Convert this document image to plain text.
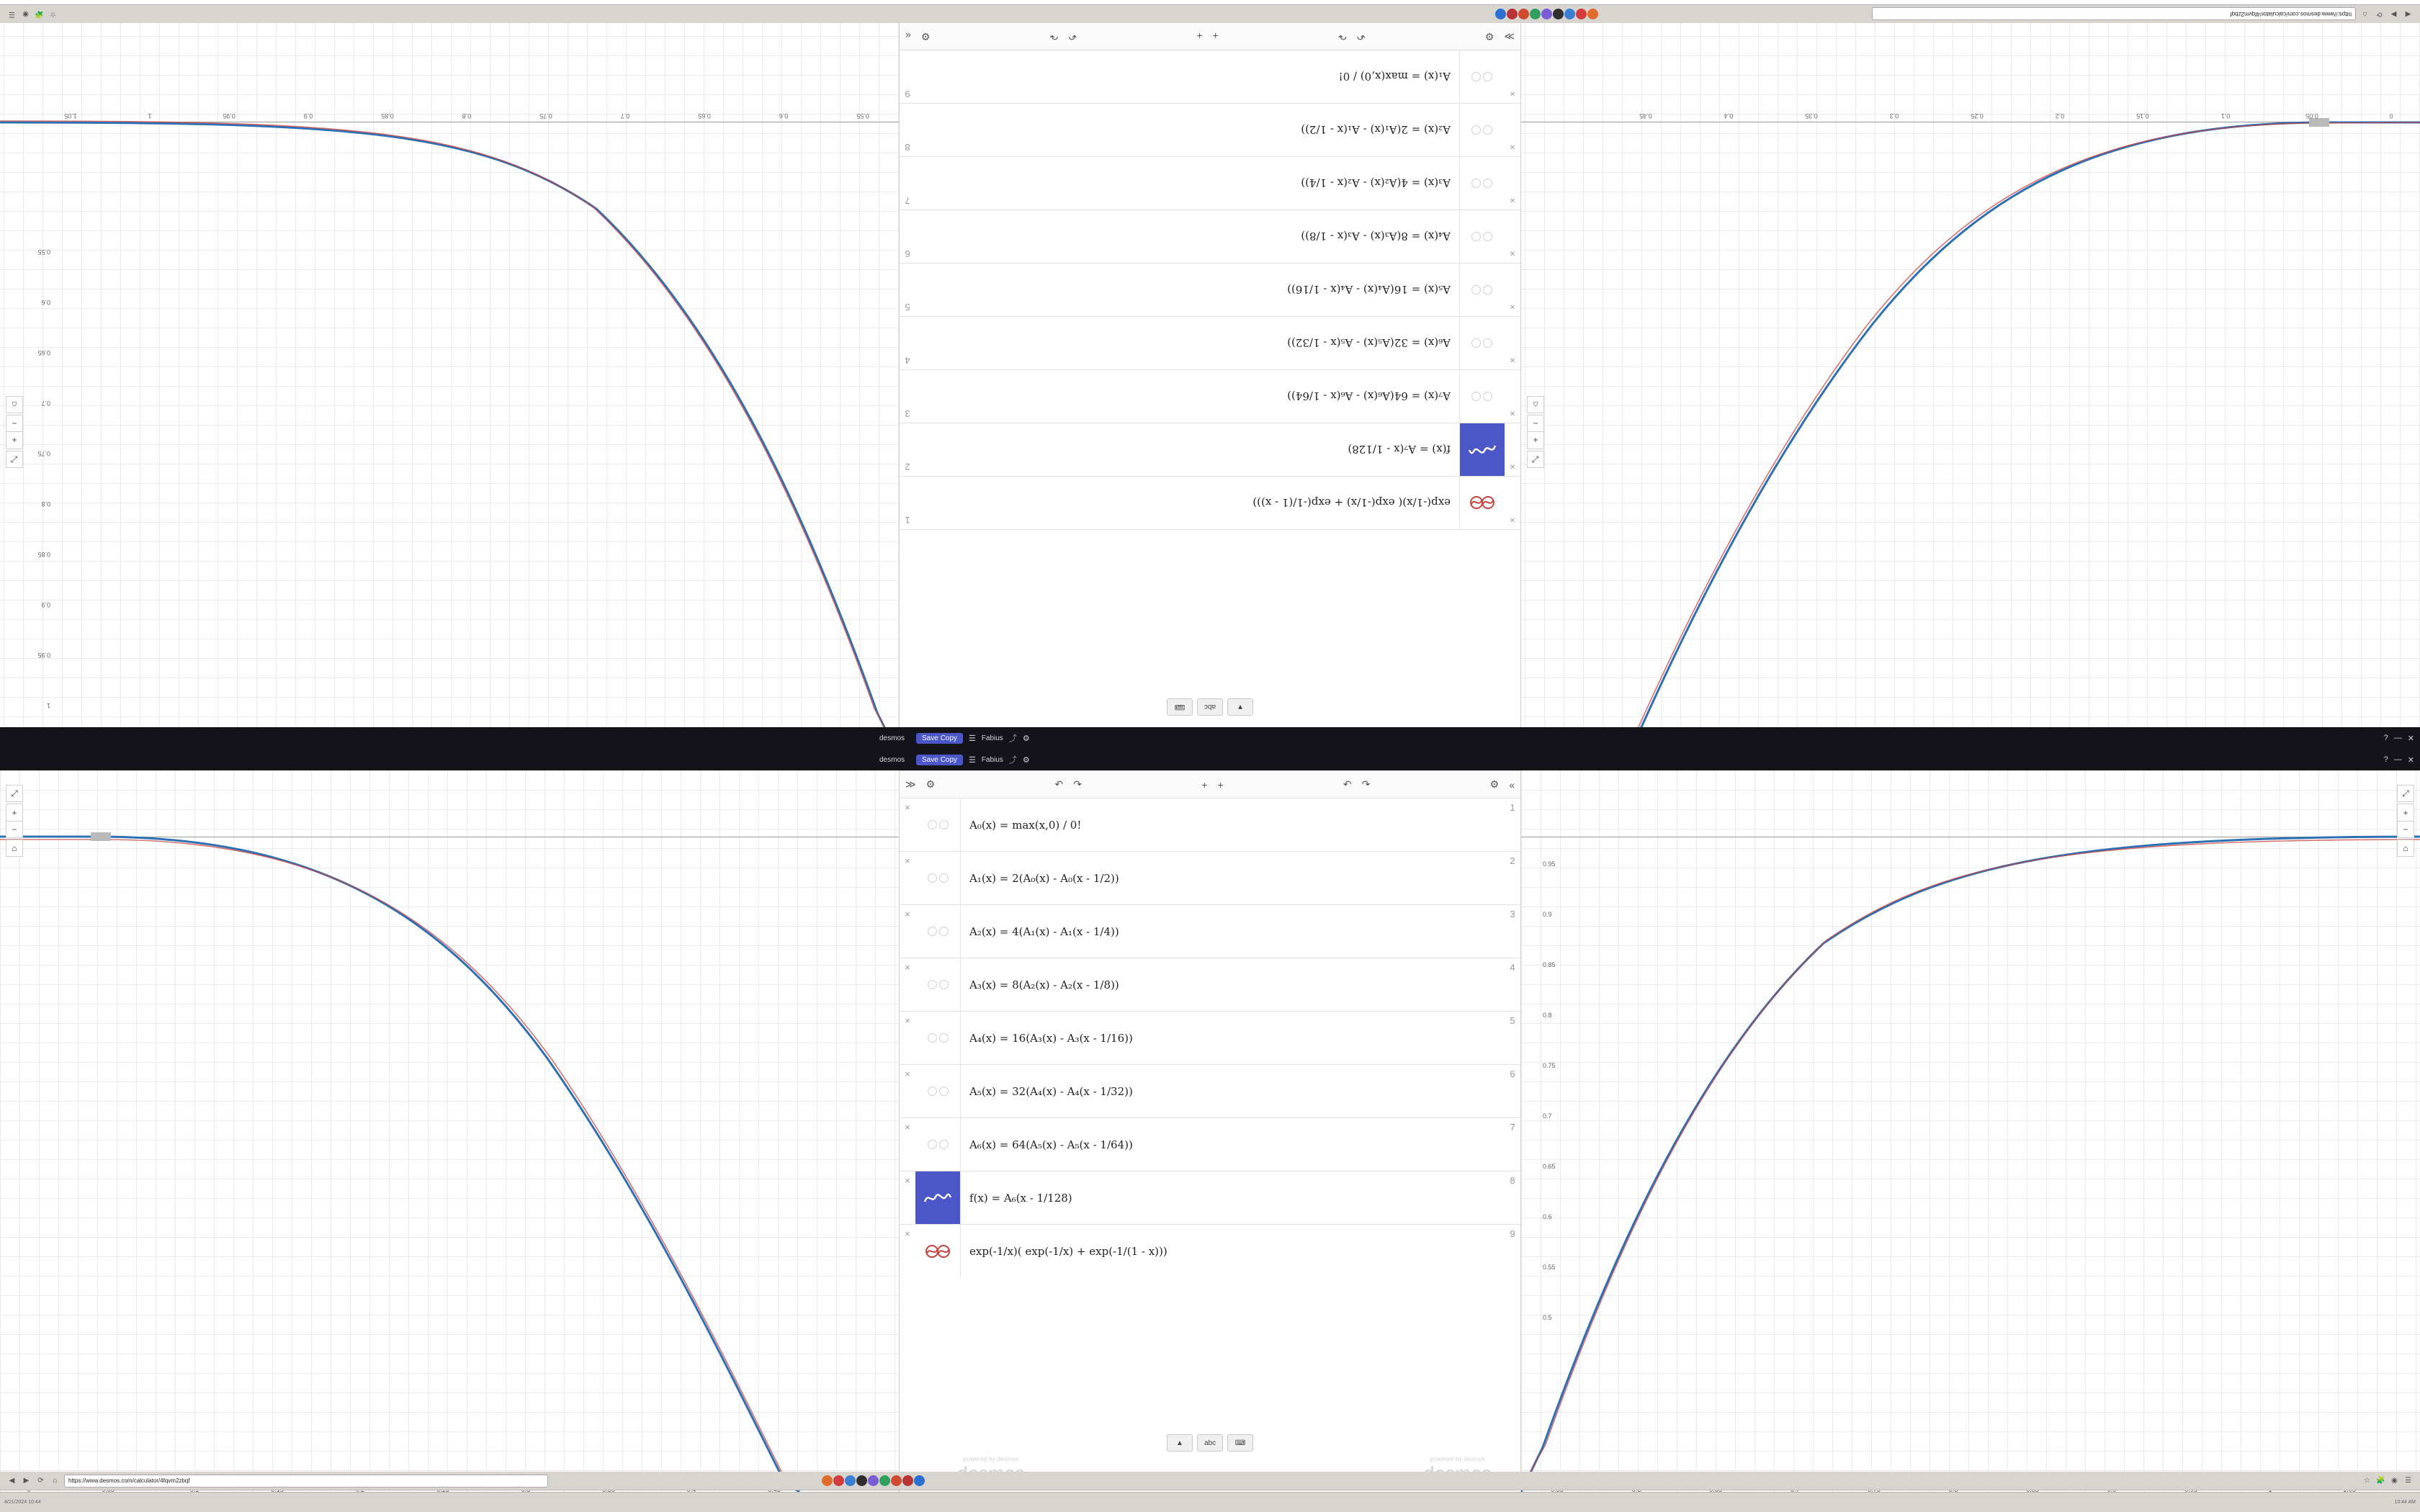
0
0.05
0.1
0.15
0.2
0.25
0.3
0.35
0.4
0.45
⤢
+
−
⌂
0.55
0.6
0.65
0.7
0.75
0.8
0.85
0.9
0.95
1
1.05
1
0.95
0.9
0.85
0.8
0.75
0.7
0.65
0.6
0.55
⤢
+
−
⌂
▼
abc
⌨
×
exp(-1/x)( exp(-1/x) + exp(-1/(1 - x)))
1
×
f(x) = A₇(x - 1/128)
2
×
A₇(x) = 64(A₆(x) - A₆(x - 1/64))
3
×
A₆(x) = 32(A₅(x) - A₅(x - 1/32))
4
×
A₅(x) = 16(A₄(x) - A₄(x - 1/16))
5
×
A₄(x) = 8(A₃(x) - A₃(x - 1/8))
6
×
A₃(x) = 4(A₂(x) - A₂(x - 1/4))
7
×
A₂(x) = 2(A₁(x) - A₁(x - 1/2))
8
×
A₁(x) = max(x,0) / 0!
9
≫
⚙
↶
↷
+
+
↶
↷
⚙
«
◀
▶
⟳
⌂
https://www.desmos.com/calculator/4fqvm2zbqf
☆
🧩
◉
☰
desmos	Save Copy	☰ Fabius ⤴ ⚙	? — ✕
desmos	Save Copy	☰ Fabius ⤴ ⚙	? — ✕
⤢
+
−
⌂
0.95
0.9
0.85
0.8
0.75
0.7
0.65
0.6
0.55
0.5
⤢
+
−
⌂
≫ ⚙	↶ ↷	+ +	↶ ↷	⚙ «
×
A₀(x) = max(x,0) / 0!
1
×
A₁(x) = 2(A₀(x) - A₀(x - 1/2))
2
×
A₂(x) = 4(A₁(x) - A₁(x - 1/4))
3
×
A₃(x) = 8(A₂(x) - A₂(x - 1/8))
4
×
A₄(x) = 16(A₃(x) - A₃(x - 1/16))
5
×
A₅(x) = 32(A₄(x) - A₄(x - 1/32))
6
×
A₆(x) = 64(A₅(x) - A₅(x - 1/64))
7
×
f(x) = A₆(x - 1/128)
8
×
exp(-1/x)( exp(-1/x) + exp(-1/(1 - x)))
9
▲	abc	⌨
powered by desmos	powered by desmos
◀ ▶ ⟳	⌂	https://www.desmos.com/calculator/4fqvm2zbqf	☆ 🧩 ◉ ☰
4/21/2024 10:44	10:44 AM
